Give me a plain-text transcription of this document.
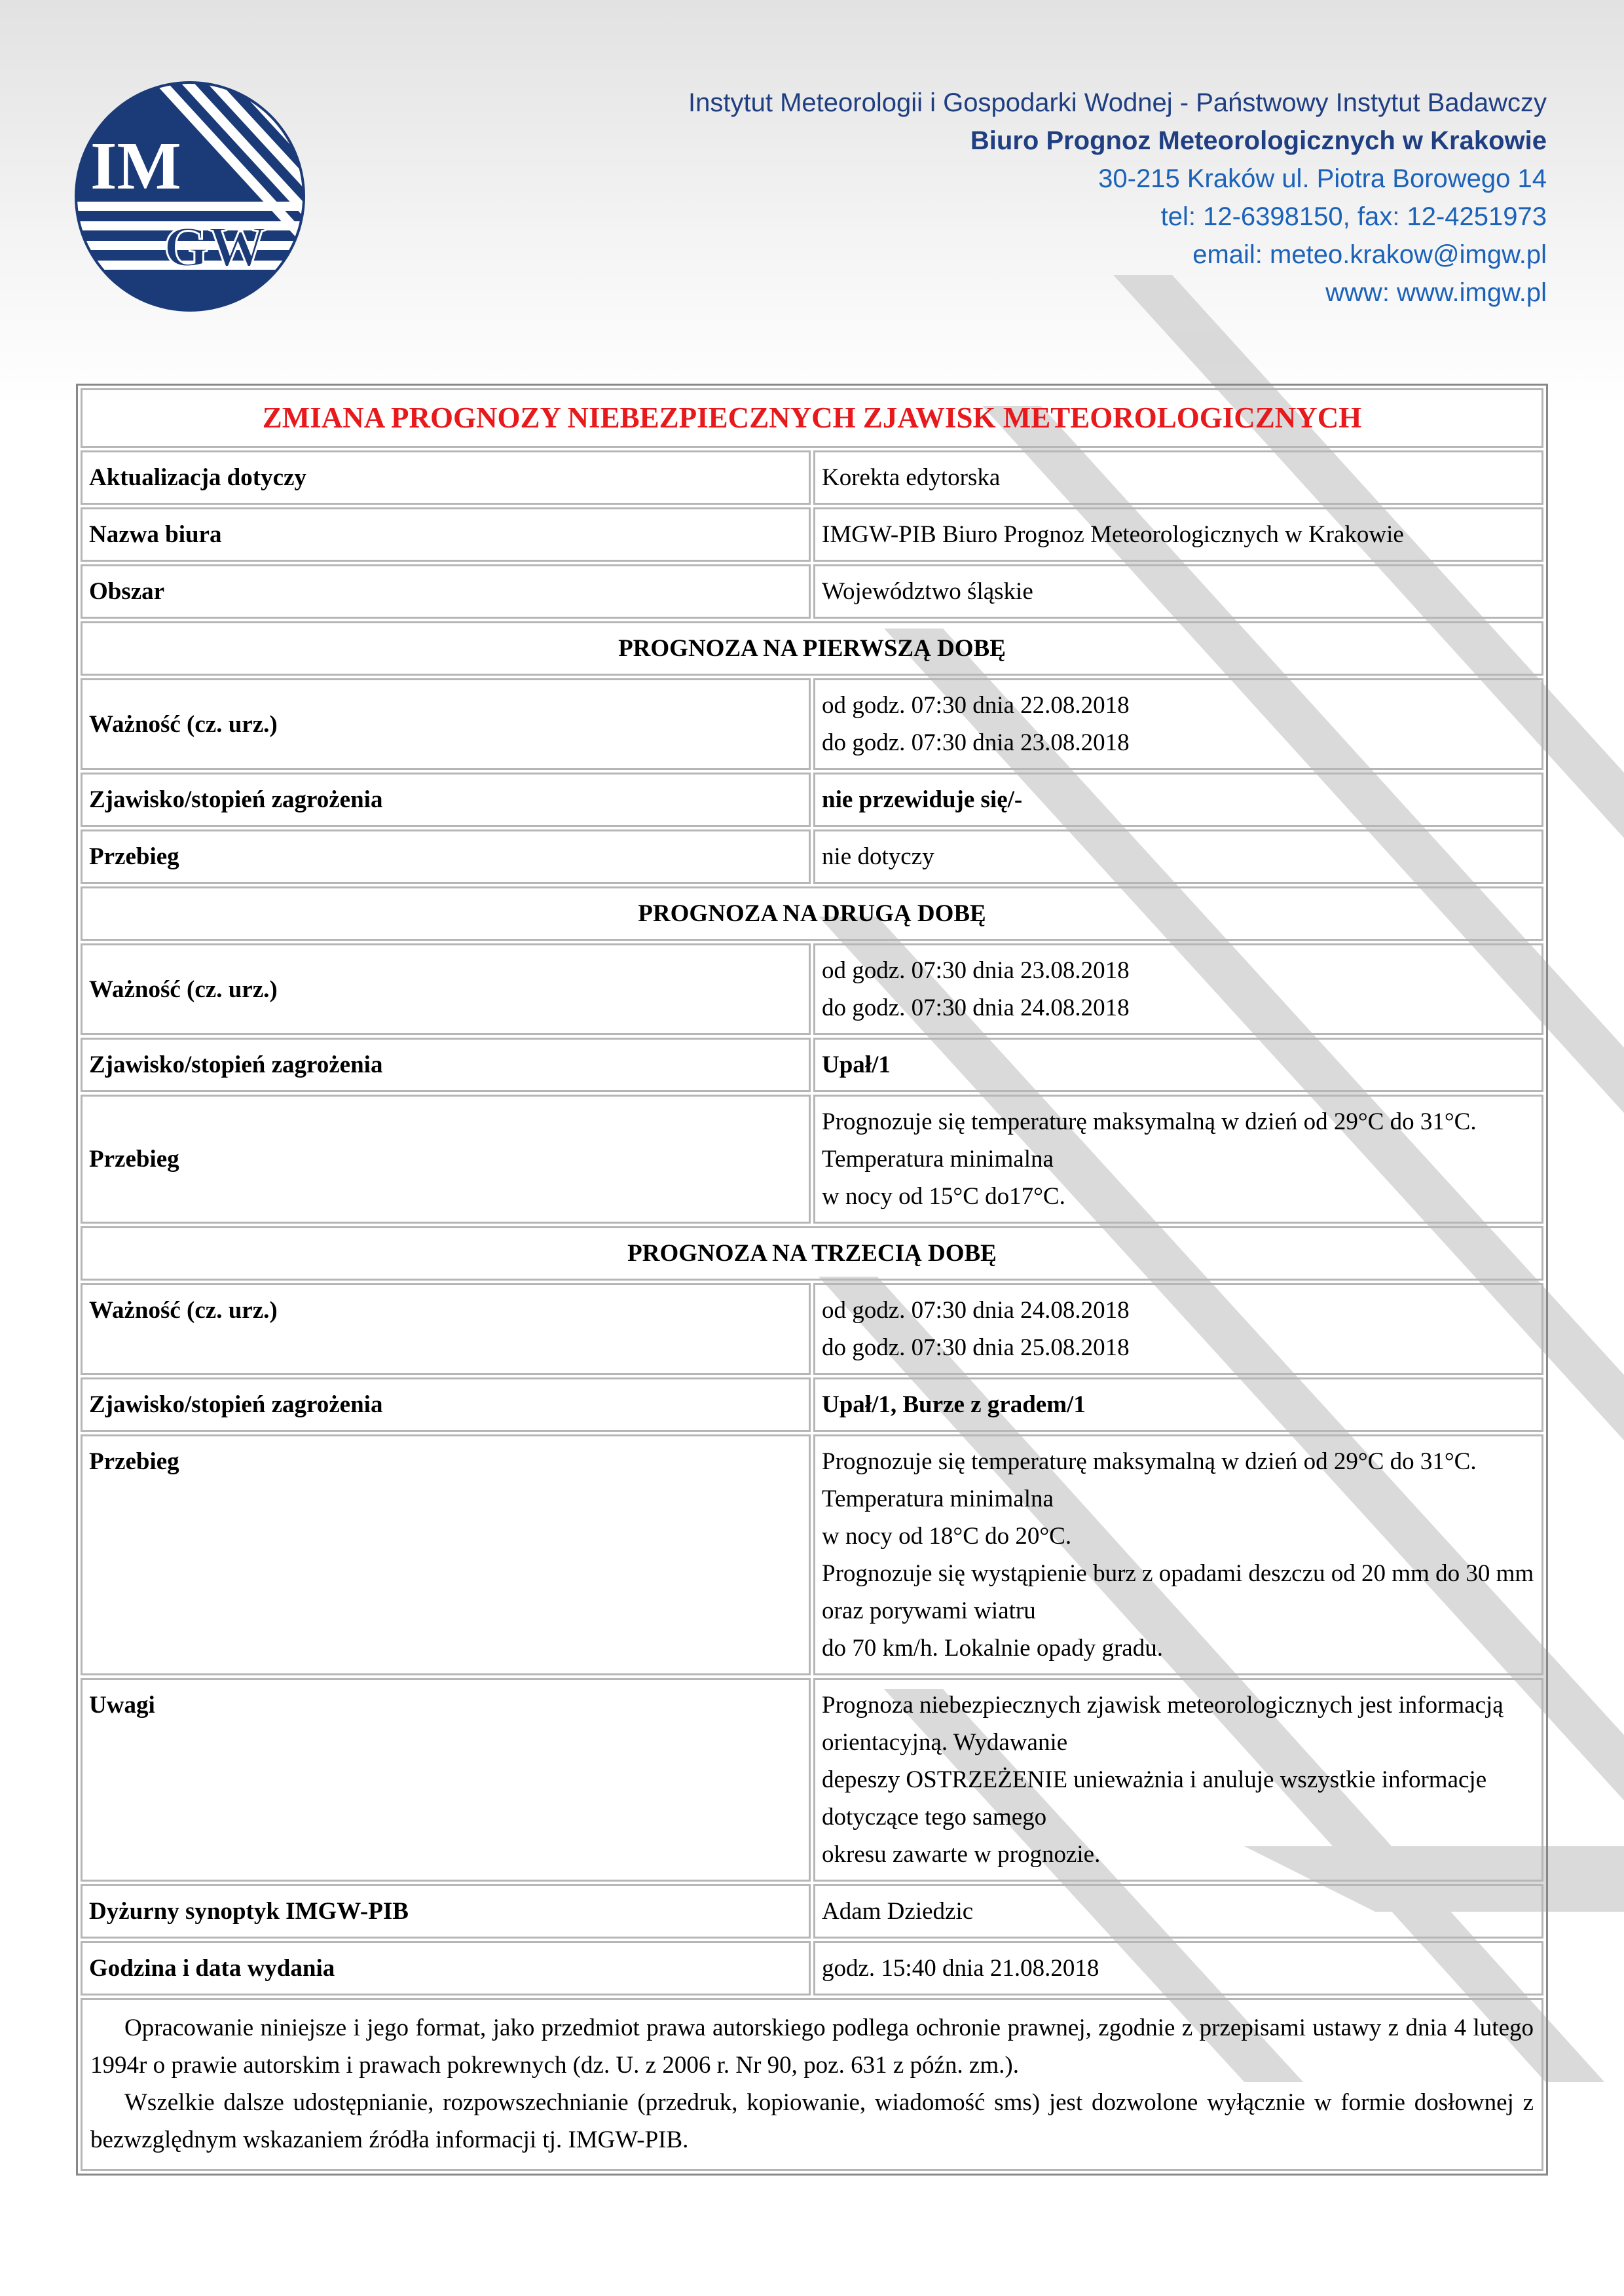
IM
GW
Instytut Meteorologii i Gospodarki Wodnej - Państwowy Instytut Badawczy
Biuro Prognoz Meteorologicznych w Krakowie
30-215 Kraków ul. Piotra Borowego 14
tel: 12-6398150, fax: 12-4251973
email: meteo.krakow@imgw.pl
www: www.imgw.pl
ZMIANA PROGNOZY NIEBEZPIECZNYCH ZJAWISK METEOROLOGICZNYCH	
Aktualizacja dotyczy	Korekta edytorska
Nazwa biura	IMGW-PIB Biuro Prognoz Meteorologicznych w Krakowie
Obszar	Województwo śląskie
PROGNOZA NA PIERWSZĄ DOBĘ	
Ważność (cz. urz.)	od godz. 07:30 dnia 22.08.2018
do godz. 07:30 dnia 23.08.2018

Zjawisko/stopień zagrożenia	nie przewiduje się/-
Przebieg	nie dotyczy

PROGNOZA NA DRUGĄ DOBĘ	
Ważność (cz. urz.)	od godz. 07:30 dnia 23.08.2018
do godz. 07:30 dnia 24.08.2018

Zjawisko/stopień zagrożenia	Upał/1
Przebieg	Prognozuje się temperaturę maksymalną w dzień od 29°C do 31°C. Temperatura minimalna
w nocy od 15°C do17°C.

PROGNOZA NA TRZECIĄ DOBĘ	
Ważność (cz. urz.)	od godz. 07:30 dnia 24.08.2018
do godz. 07:30 dnia 25.08.2018

Zjawisko/stopień zagrożenia	Upał/1, Burze z gradem/1
Przebieg	Prognozuje się temperaturę maksymalną w dzień od 29°C do 31°C. Temperatura minimalna
w nocy od 18°C do 20°C.
Prognozuje się wystąpienie burz z opadami deszczu od 20 mm do 30 mm oraz porywami wiatru
do 70 km/h. Lokalnie opady gradu.

Uwagi	Prognoza niebezpiecznych zjawisk meteorologicznych jest informacją orientacyjną. Wydawanie
depeszy OSTRZEŻENIE unieważnia i anuluje wszystkie informacje dotyczące tego samego
okresu zawarte w prognozie.

Dyżurny synoptyk IMGW-PIB	Adam Dziedzic
Godzina i data wydania	godz. 15:40 dnia 21.08.2018

Opracowanie niniejsze i jego format, jako przedmiot prawa autorskiego podlega ochronie prawnej, zgodnie z przepisami ustawy z dnia 4 lutego 1994r o prawie autorskim i prawach pokrewnych (dz. U. z 2006 r. Nr 90, poz. 631 z późn. zm.).

Wszelkie dalsze udostępnianie, rozpowszechnianie (przedruk, kopiowanie, wiadomość sms) jest dozwolone wyłącznie w formie dosłownej z bezwzględnym wskazaniem źródła informacji tj. IMGW-PIB.	
